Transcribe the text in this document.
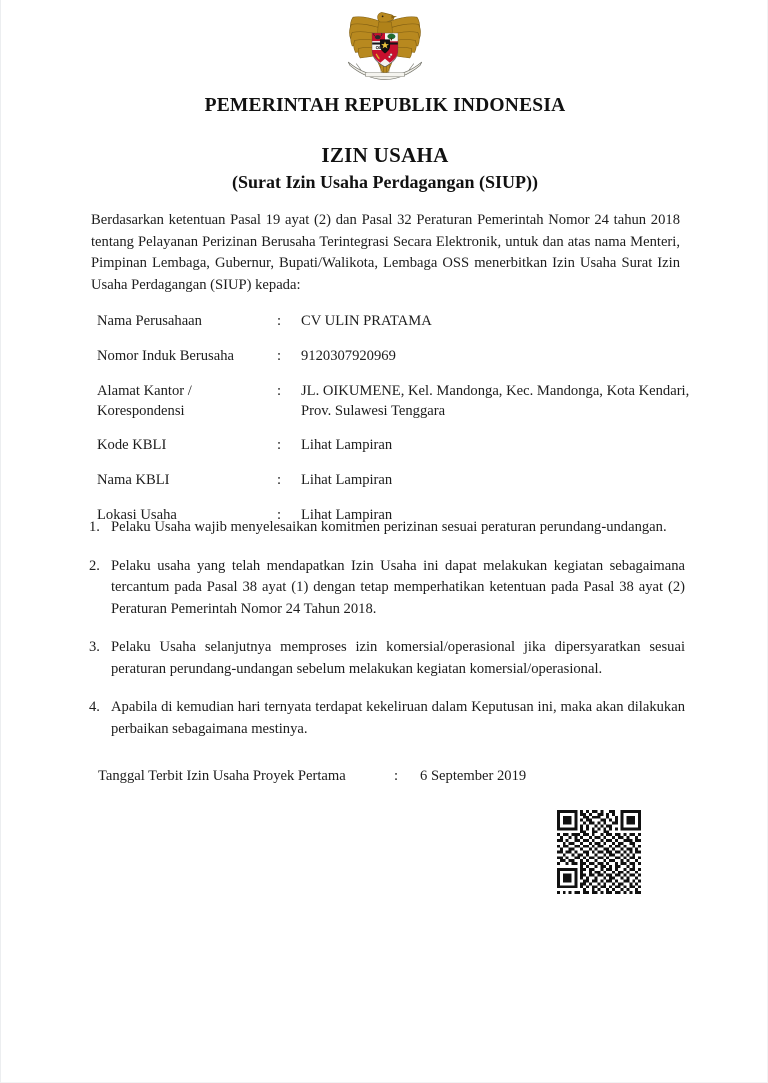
PEMERINTAH REPUBLIK INDONESIA
IZIN USAHA
(Surat Izin Usaha Perdagangan (SIUP))
Berdasarkan ketentuan Pasal 19 ayat (2) dan Pasal 32 Peraturan Pemerintah Nomor 24 tahun 2018 tentang Pelayanan Perizinan Berusaha Terintegrasi Secara Elektronik, untuk dan atas nama Menteri, Pimpinan Lembaga, Gubernur, Bupati/Walikota, Lembaga OSS menerbitkan Izin Usaha Surat Izin Usaha Perdagangan (SIUP) kepada:
Nama Perusahaan	:	CV ULIN PRATAMA
Nomor Induk Berusaha	:	9120307920969
Alamat Kantor / Korespondensi	:	JL. OIKUMENE, Kel. Mandonga, Kec. Mandonga, Kota Kendari, Prov. Sulawesi Tenggara
Kode KBLI	:	Lihat Lampiran
Nama KBLI	:	Lihat Lampiran
Lokasi Usaha	:	Lihat Lampiran
1. Pelaku Usaha wajib menyelesaikan komitmen perizinan sesuai peraturan perundang-undangan.
2. Pelaku usaha yang telah mendapatkan Izin Usaha ini dapat melakukan kegiatan sebagaimana tercantum pada Pasal 38 ayat (1) dengan tetap memperhatikan ketentuan pada Pasal 38 ayat (2) Peraturan Pemerintah Nomor 24 Tahun 2018.
3. Pelaku Usaha selanjutnya memproses izin komersial/operasional jika dipersyaratkan sesuai peraturan perundang-undangan sebelum melakukan kegiatan komersial/operasional.
4. Apabila di kemudian hari ternyata terdapat kekeliruan dalam Keputusan ini, maka akan dilakukan perbaikan sebagaimana mestinya.
Tanggal Terbit Izin Usaha Proyek Pertama	:	6 September 2019
